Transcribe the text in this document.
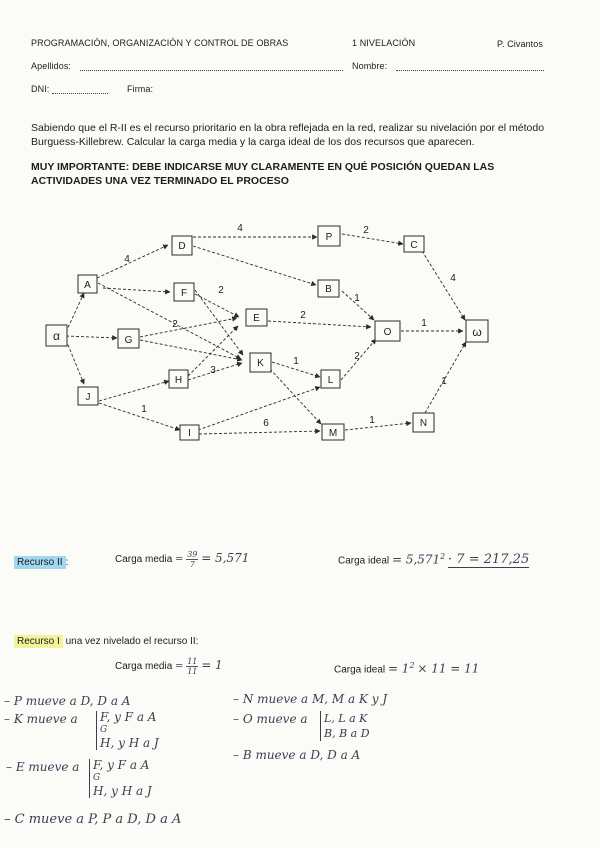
PROGRAMACIÓN, ORGANIZACIÓN Y CONTROL DE OBRAS	1 NIVELACIÓN	P. Civantos
Apellidos:	Nombre:
DNI:	Firma:
Sabiendo que el R-II es el recurso prioritario en la obra reflejada en la red, realizar su nivelación por el método Burguess-Killebrew. Calcular la carga media y la carga ideal de los dos recursos que aparecen.
MUY IMPORTANTE: DEBE INDICARSE MUY CLARAMENTE EN QUÉ POSICIÓN QUEDAN LAS ACTIVIDADES UNA VEZ TERMINADO EL PROCESO
α
A
J
D
F
G
H
I
E
K
B
P
C
L
M
O
N
ω
4
4
2
2
3
1
6
2
2
1
2
1
1
1
1
4
Recurso II :	Carga media = $\frac{39}{7} = 5,571$	Carga ideal = $5,571^2 \cdot 7 = 217,25$
Recurso I una vez nivelado el recurso II:
Carga media = $\frac{11}{11} = 1$	Carga ideal = $1^2 \times 11 = 11$
– P mueve a D, D a A
– K mueve a F, y F a A
G
H, y H a J
– E mueve a F, y F a A
G
H, y H a J
– C mueve a P, P a D, D a A
– N mueve a M, M a K y J
– O mueve a L, L a K
B, B a D
– B mueve a D, D a A
